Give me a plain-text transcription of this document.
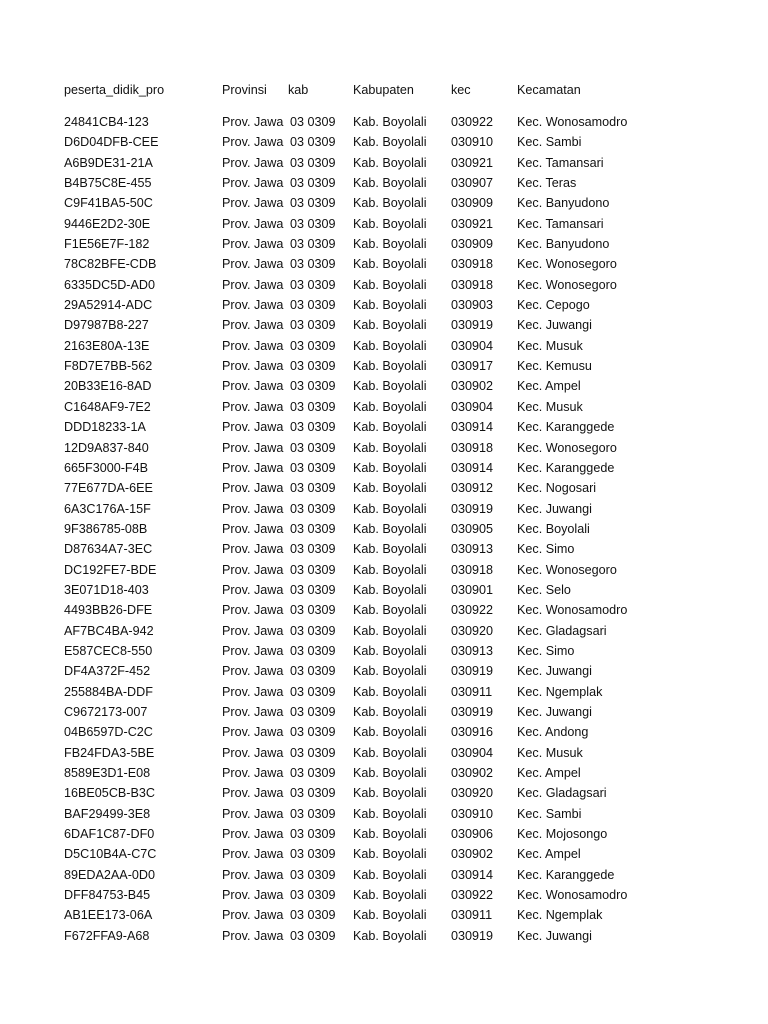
peserta_didik_pro	Provinsi	kab	Kabupaten	kec	Kecamatan
24841CB4-123	Prov. Jawa 03 0309	Kab. Boyolali	030922	Kec. Wonosamodro
D6D04DFB-CEE	Prov. Jawa 03 0309	Kab. Boyolali	030910	Kec. Sambi
A6B9DE31-21A	Prov. Jawa 03 0309	Kab. Boyolali	030921	Kec. Tamansari
B4B75C8E-455	Prov. Jawa 03 0309	Kab. Boyolali	030907	Kec. Teras
C9F41BA5-50C	Prov. Jawa 03 0309	Kab. Boyolali	030909	Kec. Banyudono
9446E2D2-30E	Prov. Jawa 03 0309	Kab. Boyolali	030921	Kec. Tamansari
F1E56E7F-182	Prov. Jawa 03 0309	Kab. Boyolali	030909	Kec. Banyudono
78C82BFE-CDB	Prov. Jawa 03 0309	Kab. Boyolali	030918	Kec. Wonosegoro
6335DC5D-AD0	Prov. Jawa 03 0309	Kab. Boyolali	030918	Kec. Wonosegoro
29A52914-ADC	Prov. Jawa 03 0309	Kab. Boyolali	030903	Kec. Cepogo
D97987B8-227	Prov. Jawa 03 0309	Kab. Boyolali	030919	Kec. Juwangi
2163E80A-13E	Prov. Jawa 03 0309	Kab. Boyolali	030904	Kec. Musuk
F8D7E7BB-562	Prov. Jawa 03 0309	Kab. Boyolali	030917	Kec. Kemusu
20B33E16-8AD	Prov. Jawa 03 0309	Kab. Boyolali	030902	Kec. Ampel
C1648AF9-7E2	Prov. Jawa 03 0309	Kab. Boyolali	030904	Kec. Musuk
DDD18233-1A	Prov. Jawa 03 0309	Kab. Boyolali	030914	Kec. Karanggede
12D9A837-840	Prov. Jawa 03 0309	Kab. Boyolali	030918	Kec. Wonosegoro
665F3000-F4B	Prov. Jawa 03 0309	Kab. Boyolali	030914	Kec. Karanggede
77E677DA-6EE	Prov. Jawa 03 0309	Kab. Boyolali	030912	Kec. Nogosari
6A3C176A-15F	Prov. Jawa 03 0309	Kab. Boyolali	030919	Kec. Juwangi
9F386785-08B	Prov. Jawa 03 0309	Kab. Boyolali	030905	Kec. Boyolali
D87634A7-3EC	Prov. Jawa 03 0309	Kab. Boyolali	030913	Kec. Simo
DC192FE7-BDE	Prov. Jawa 03 0309	Kab. Boyolali	030918	Kec. Wonosegoro
3E071D18-403	Prov. Jawa 03 0309	Kab. Boyolali	030901	Kec. Selo
4493BB26-DFE	Prov. Jawa 03 0309	Kab. Boyolali	030922	Kec. Wonosamodro
AF7BC4BA-942	Prov. Jawa 03 0309	Kab. Boyolali	030920	Kec. Gladagsari
E587CEC8-550	Prov. Jawa 03 0309	Kab. Boyolali	030913	Kec. Simo
DF4A372F-452	Prov. Jawa 03 0309	Kab. Boyolali	030919	Kec. Juwangi
255884BA-DDF	Prov. Jawa 03 0309	Kab. Boyolali	030911	Kec. Ngemplak
C9672173-007	Prov. Jawa 03 0309	Kab. Boyolali	030919	Kec. Juwangi
04B6597D-C2C	Prov. Jawa 03 0309	Kab. Boyolali	030916	Kec. Andong
FB24FDA3-5BE	Prov. Jawa 03 0309	Kab. Boyolali	030904	Kec. Musuk
8589E3D1-E08	Prov. Jawa 03 0309	Kab. Boyolali	030902	Kec. Ampel
16BE05CB-B3C	Prov. Jawa 03 0309	Kab. Boyolali	030920	Kec. Gladagsari
BAF29499-3E8	Prov. Jawa 03 0309	Kab. Boyolali	030910	Kec. Sambi
6DAF1C87-DF0	Prov. Jawa 03 0309	Kab. Boyolali	030906	Kec. Mojosongo
D5C10B4A-C7C	Prov. Jawa 03 0309	Kab. Boyolali	030902	Kec. Ampel
89EDA2AA-0D0	Prov. Jawa 03 0309	Kab. Boyolali	030914	Kec. Karanggede
DFF84753-B45	Prov. Jawa 03 0309	Kab. Boyolali	030922	Kec. Wonosamodro
AB1EE173-06A	Prov. Jawa 03 0309	Kab. Boyolali	030911	Kec. Ngemplak
F672FFA9-A68	Prov. Jawa 03 0309	Kab. Boyolali	030919	Kec. Juwangi
